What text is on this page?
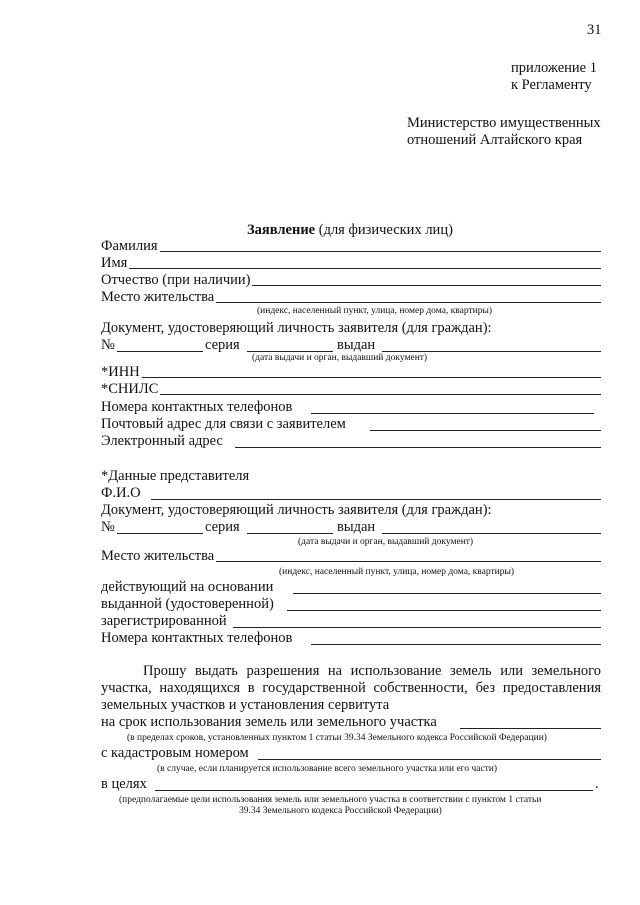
31
приложение 1
к Регламенту
Министерство имущественных
отношений Алтайского края
Заявление (для физических лиц)
Фамилия
Имя
Отчество (при наличии)
Место жительства
(индекс, населенный пункт, улица, номер дома, квартиры)
Документ, удостоверяющий личность заявителя (для граждан):
№	серия	выдан
(дата выдачи и орган, выдавший документ)
*ИНН
*СНИЛС
Номера контактных телефонов
Почтовый адрес для связи с заявителем
Электронный адрес
*Данные представителя
Ф.И.О
Документ, удостоверяющий личность заявителя (для граждан):
№	серия	выдан
(дата выдачи и орган, выдавший документ)
Место жительства
(индекс, населенный пункт, улица, номер дома, квартиры)
действующий на основании
выданной (удостоверенной)
зарегистрированной
Номера контактных телефонов
Прошу выдать разрешения на использование земель или земельного
участка, находящихся в государственной собственности, без предоставления
земельных участков и установления сервитута
на срок использования земель или земельного участка
(в пределах сроков, установленных пунктом 1 статьи 39.34 Земельного кодекса Российской Федерации)
с кадастровым номером
(в случае, если планируется использование всего земельного участка или его части)
в целях	.
(предполагаемые цели использования земель или земельного участка в соответствии с пунктом 1 статьи
39.34 Земельного кодекса Российской Федерации)
